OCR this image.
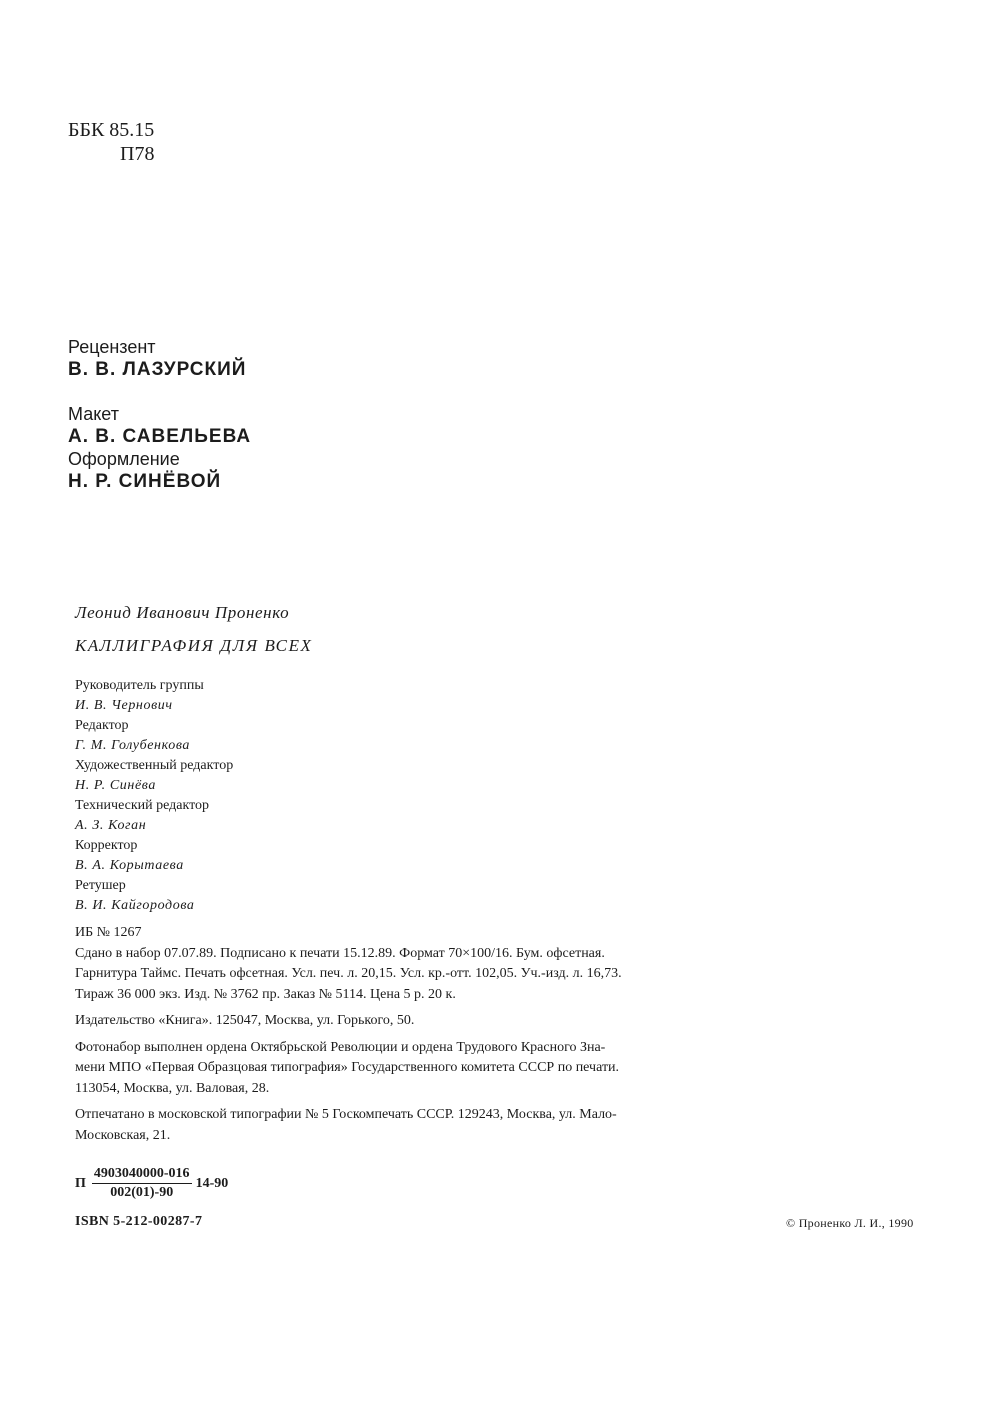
ББК 85.15
П78
Рецензент
В. В. ЛАЗУРСКИЙ
Макет
А. В. САВЕЛЬЕВА
Оформление
Н. Р. СИНЁВОЙ
Леонид Иванович Проненко
КАЛЛИГРАФИЯ ДЛЯ ВСЕХ
Руководитель группы
И. В. Чернович
Редактор
Г. М. Голубенкова
Художественный редактор
Н. Р. Синёва
Технический редактор
А. З. Коган
Корректор
В. А. Корытаева
Ретушер
В. И. Кайгородова
ИБ № 1267
Сдано в набор 07.07.89. Подписано к печати 15.12.89. Формат 70×100/16. Бум. офсетная.
Гарнитура Таймс. Печать офсетная. Усл. печ. л. 20,15. Усл. кр.-отт. 102,05. Уч.-изд. л. 16,73.
Тираж 36 000 экз. Изд. № 3762 пр. Заказ № 5114. Цена 5 р. 20 к.
Издательство «Книга». 125047, Москва, ул. Горького, 50.
Фотонабор выполнен ордена Октябрьской Революции и ордена Трудового Красного Зна-
мени МПО «Первая Образцовая типография» Государственного комитета СССР по печати.
113054, Москва, ул. Валовая, 28.
Отпечатано в московской типографии № 5 Госкомпечать СССР. 129243, Москва, ул. Мало-
Московская, 21.
П $\frac{4903040000-016}{002(01)-90} 14-90$
ISBN 5-212-00287-7	© Проненко Л. И., 1990
